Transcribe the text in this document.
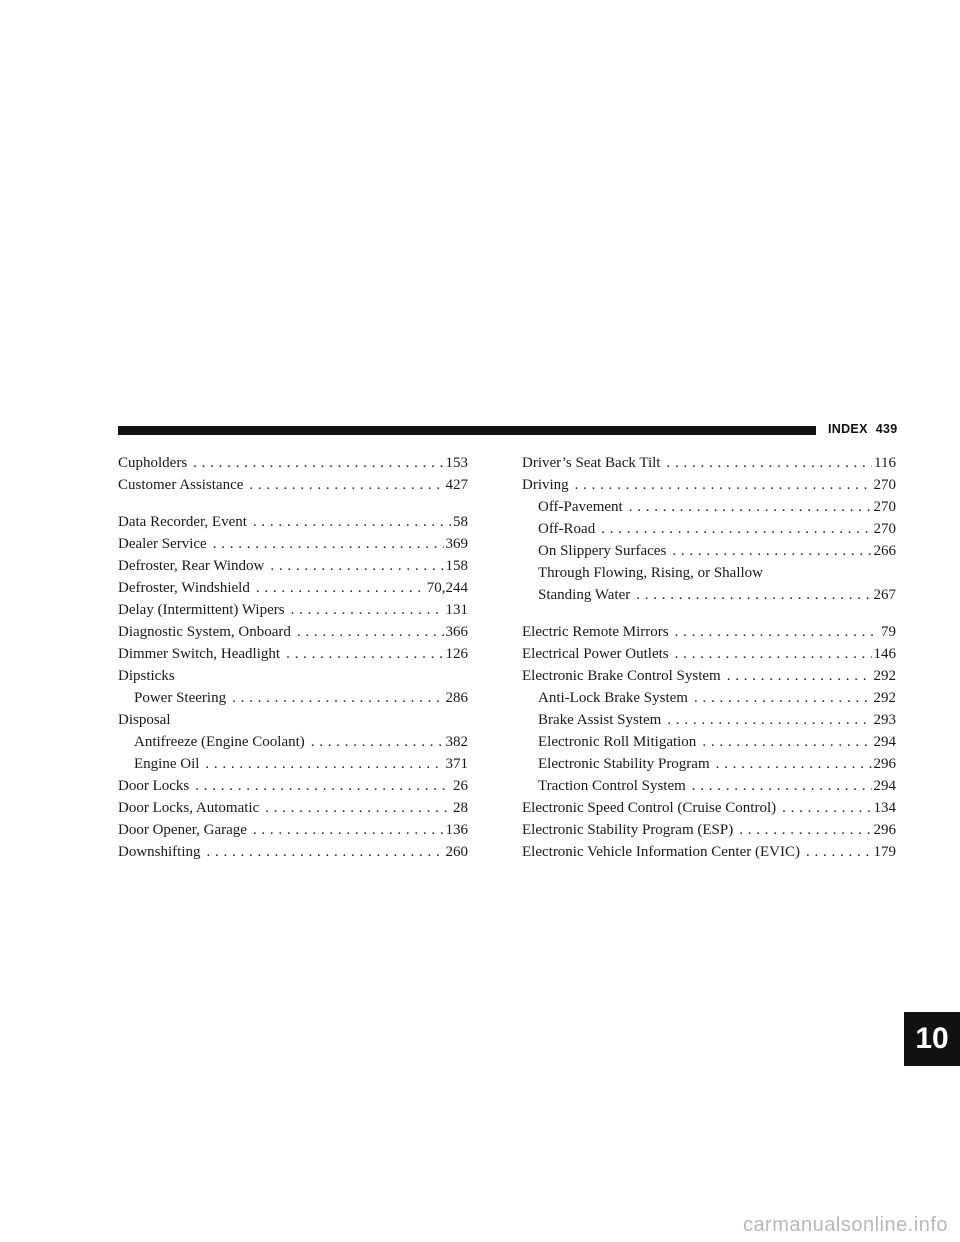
INDEX 439
Cupholders . . .	153
Customer Assistance . . .	427
Data Recorder, Event . . .	58
Dealer Service . . .	369
Defroster, Rear Window . . .	158
Defroster, Windshield . . .	70,244
Delay (Intermittent) Wipers . . .	131
Diagnostic System, Onboard . . .	366
Dimmer Switch, Headlight . . .	126
Dipsticks
Power Steering . . .	286
Disposal
Antifreeze (Engine Coolant) . . .	382
Engine Oil . . .	371
Door Locks . . .	26
Door Locks, Automatic . . .	28
Door Opener, Garage . . .	136
Downshifting . . .	260
Driver’s Seat Back Tilt . . .	116
Driving . . .	270
Off-Pavement . . .	270
Off-Road . . .	270
On Slippery Surfaces . . .	266
Through Flowing, Rising, or Shallow
Standing Water . . .	267
Electric Remote Mirrors . . .	79
Electrical Power Outlets . . .	146
Electronic Brake Control System . . .	292
Anti-Lock Brake System . . .	292
Brake Assist System . . .	293
Electronic Roll Mitigation . . .	294
Electronic Stability Program . . .	296
Traction Control System . . .	294
Electronic Speed Control (Cruise Control) . . .	134
Electronic Stability Program (ESP) . . .	296
Electronic Vehicle Information Center (EVIC) . . .	179
10
carmanualsonline.info
